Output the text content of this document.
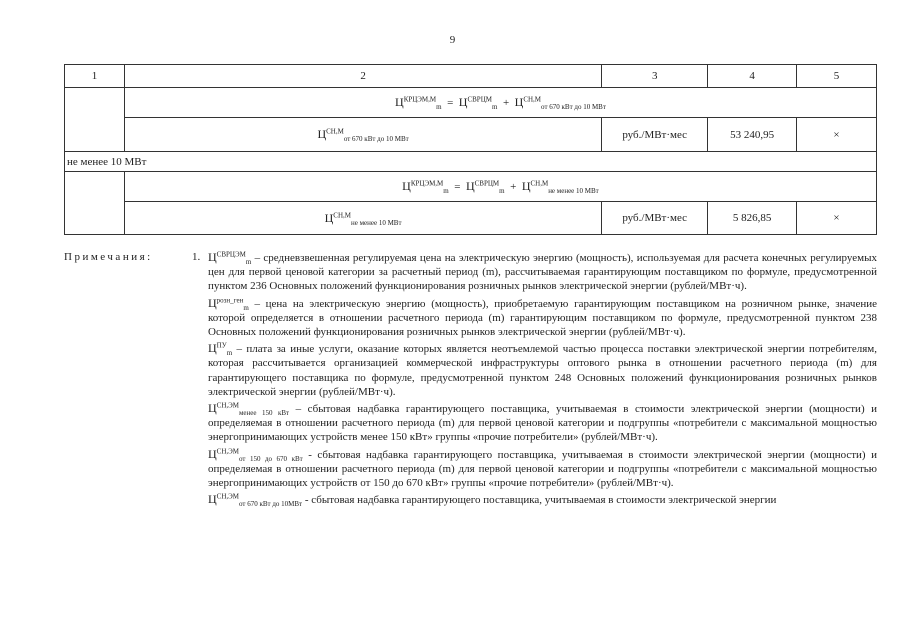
9
1	2	3	4	5
	$Ц^{КРЦЭМ,М}_m = Ц^{СВРЦМ}_m + Ц^{СН,М}_{от 670 кВт до 10 МВт}$
	$Ц^{СН,М}_{от 670 кВт до 10 МВт}$	руб./МВт·мес	53 240,95	×
не менее 10 МВт				
	$Ц^{КРЦЭМ,М}_m = Ц^{СВРЦМ}_m + Ц^{СН,М}_{не менее 10 МВт}$
	$Ц^{СН,М}_{не менее 10 МВт}$	руб./МВт·мес	5 826,85	×
Примечания:	1. $Ц^{СВРЦЭМ}_m$ – средневзвешенная регулируемая цена на электрическую энергию (мощность), используемая для расчета конечных регулируемых цен для первой ценовой категории за расчетный период (m), рассчитываемая гарантирующим поставщиком по формуле, предусмотренной пунктом 236 Основных положений функционирования розничных рынков электрической энергии (рублей/МВт·ч).

$Ц^{розн\_ген}_m$ – цена на электрическую энергию (мощность), приобретаемую гарантирующим поставщиком на розничном рынке, значение которой определяется в отношении расчетного периода (m) гарантирующим поставщиком по формуле, предусмотренной пунктом 238 Основных положений функционирования розничных рынков электрической энергии (рублей/МВт·ч).

$Ц^{ПУ}_m$ – плата за иные услуги, оказание которых является неотъемлемой частью процесса поставки электрической энергии потребителям, которая рассчитывается организацией коммерческой инфраструктуры оптового рынка в отношении расчетного периода (m) для гарантирующего поставщика по формуле, предусмотренной пунктом 248 Основных положений функционирования розничных рынков электрической энергии (рублей/МВт·ч).

$Ц^{СН,ЭМ}_{менее 150 кВт}$ – сбытовая надбавка гарантирующего поставщика, учитываемая в стоимости электрической энергии (мощности) и определяемая в отношении расчетного периода (m) для первой ценовой категории и подгруппы «потребители с максимальной мощностью энергопринимающих устройств менее 150 кВт» группы «прочие потребители» (рублей/МВт·ч).

$Ц^{СН,ЭМ}_{от 150 до 670 кВт}$ - сбытовая надбавка гарантирующего поставщика, учитываемая в стоимости электрической энергии (мощности) и определяемая в отношении расчетного периода (m) для первой ценовой категории и подгруппы «потребители с максимальной мощностью энергопринимающих устройств от 150 до 670 кВт» группы «прочие потребители» (рублей/МВт·ч).

$Ц^{СН,ЭМ}_{от 670 кВт до 10МВт}$ - сбытовая надбавка гарантирующего поставщика, учитываемая в стоимости электрической энергии
